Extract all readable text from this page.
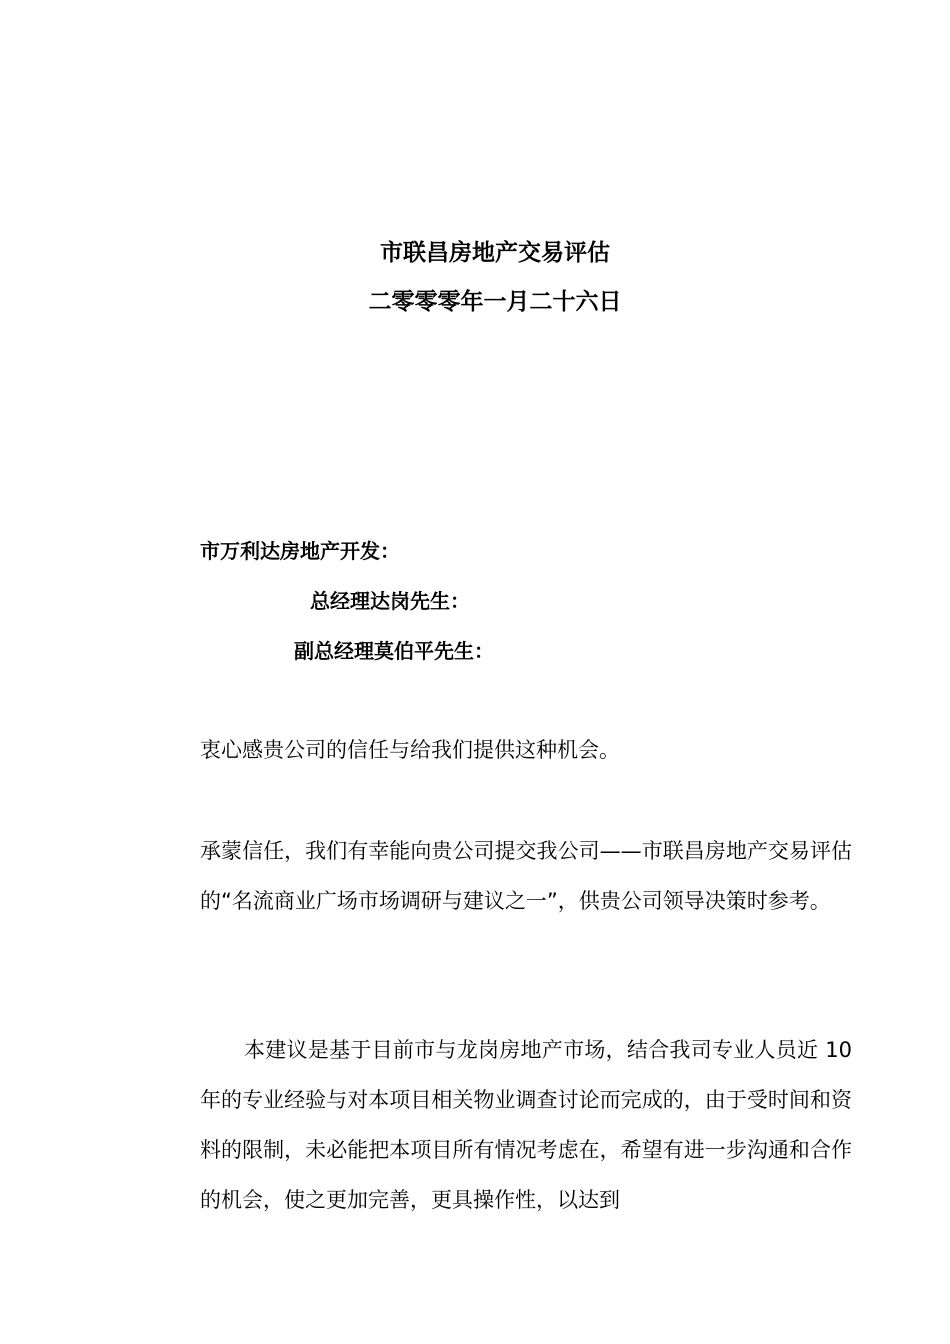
市联昌房地产交易评估
二零零零年一月二十六日
市万利达房地产开发：
总经理达岗先生：
副总经理莫伯平先生：

衷心感贵公司的信任与给我们提供这种机会。

承蒙信任，我们有幸能向贵公司提交我公司——市联昌房地产交易评估的“名流商业广场市场调研与建议之一”，供贵公司领导决策时参考。

本建议是基于目前市与龙岗房地产市场，结合我司专业人员近 10 年的专业经验与对本项目相关物业调查讨论而完成的，由于受时间和资料的限制，未必能把本项目所有情况考虑在，希望有进一步沟通和合作的机会，使之更加完善，更具操作性，以达到
